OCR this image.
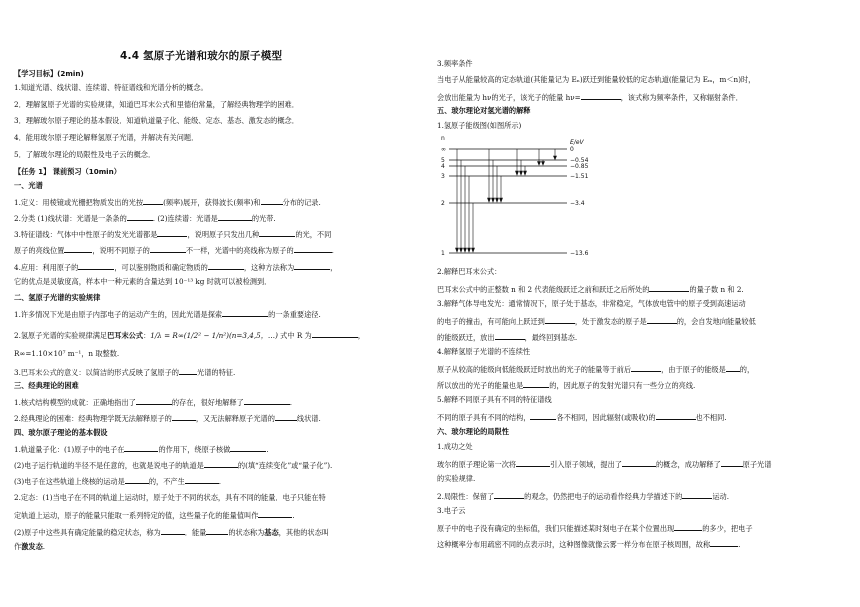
4.4 氢原子光谱和玻尔的原子模型
【学习目标】(2min)
1.知道光谱、线状谱、连续谱、特征谱线和光谱分析的概念。
2．理解氢原子光谱的实验规律，知道巴耳末公式和里德伯常量，了解经典物理学的困难．
3．理解玻尔原子理论的基本假设．知道轨道量子化、能级、定态、基态、激发态的概念．
4．能用玻尔原子理论解释氢原子光谱，并解决有关问题．
5．了解玻尔理论的局限性及电子云的概念．
【任务 1】 课前预习（10min）
一、光谱
1.定义：用棱镜或光栅把物质发出的光按	(频率)展开，获得波长(频率)和	分布的记录.
2.分类 (1)线状谱：光谱是一条条的	. (2)连续谱：光谱是	的光带.
3.特征谱线：气体中中性原子的发光光谱都是	，说明原子只发出几种	的光，不同
原子的亮线位置	，说明不同原子的	不一样，光谱中的亮线称为原子的	.
4.应用：利用原子的	，可以鉴别物质和确定物质的	，这种方法称为	，
它的优点是灵敏度高，样本中一种元素的含量达到 10⁻¹³ kg 时就可以被检测到．
二、氢原子光谱的实验规律
1.许多情况下光是由原子内部电子的运动产生的，因此光谱是探索	的一条重要途径.
2.氢原子光谱的实验规律满足巴耳末公式：1/λ = R∞(1/2² − 1/n²)(n=3,4,5，…) 式中 R 为	，
R∞=1.10×10⁷ m⁻¹，n 取整数.
3.巴耳末公式的意义：以简洁的形式反映了氢原子的	光谱的特征.
三、经典理论的困难
1.核式结构模型的成就：正确地指出了	的存在，很好地解释了	.
2.经典理论的困难：经典物理学既无法解释原子的	，又无法解释原子光谱的	线状谱.
四、玻尔原子理论的基本假设
1.轨道量子化：(1)原子中的电子在	的作用下，绕原子核做	.
(2)电子运行轨道的半径不是任意的，也就是说电子的轨道是	的(填“连续变化”或“量子化”).
(3)电子在这些轨道上绕核的运动是	的，不产生	.
2.定态：(1)当电子在不同的轨道上运动时，原子处于不同的状态，具有不同的能量．电子只能在特
定轨道上运动，原子的能量只能取一系列特定的值，这些量子化的能量值叫作	.
(2)原子中这些具有确定能量的稳定状态，称为	．能量	的状态称为基态，其他的状态叫
作激发态.
3.频率条件
当电子从能量较高的定态轨道(其能量记为 Eₙ)跃迁到能量较低的定态轨道(能量记为 Eₘ，m＜n)时，
会放出能量为 hν的光子，该光子的能量 hν=	，该式称为频率条件，又称辐射条件．
五、玻尔理论对氢光谱的解释
1.氢原子能级图(如图所示)
n
E/eV
∞
5
4
3
2
1
0
−0.54
−0.85
−1.51
−3.4
−13.6
2.解释巴耳末公式：
巴耳末公式中的正整数 n 和 2 代表能级跃迁之前和跃迁之后所处的	的量子数 n 和 2.
3.解释气体导电发光：通常情况下，原子处于基态，非常稳定，气体放电管中的原子受到高速运动
的电子的撞击，有可能向上跃迁到	，处于激发态的原子是	的，会自发地向能量较低
的能级跃迁，放出	，最终回到基态.
4.解释氢原子光谱的不连续性
原子从较高的能级向低能级跃迁时放出的光子的能量等于前后	，由于原子的能级是 的，
所以放出的光子的能量也是	的，因此原子的发射光谱只有一些分立的亮线.
5.解释不同原子具有不同的特征谱线
不同的原子具有不同的结构，	各不相同，因此辐射(或吸收)的	也不相同.
六、玻尔理论的局限性
1.成功之处
玻尔的原子理论第一次将	引入原子领域，提出了	的概念，成功解释了	原子光谱
的实验规律.
2.局限性：保留了	的观念，仍然把电子的运动看作经典力学描述下的	运动.
3.电子云
原子中的电子没有确定的坐标值，我们只能描述某时刻电子在某个位置出现	的多少，把电子
这种概率分布用疏密不同的点表示时，这种图像就像云雾一样分布在原子核周围，故称	.
